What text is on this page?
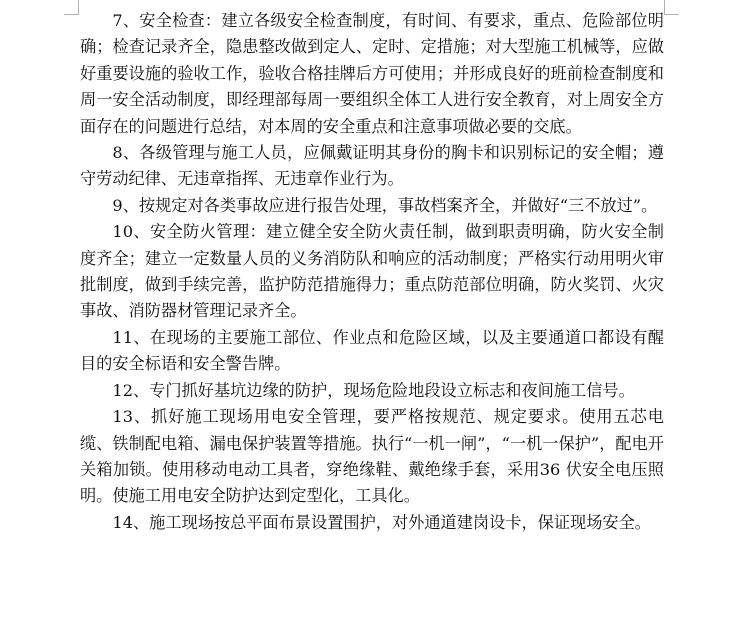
7、安全检查：建立各级安全检查制度，有时间、有要求，重点、危险部位明确；检查记录齐全，隐患整改做到定人、定时、定措施；对大型施工机械等，应做好重要设施的验收工作，验收合格挂牌后方可使用；并形成良好的班前检查制度和周一安全活动制度，即经理部每周一要组织全体工人进行安全教育，对上周安全方面存在的问题进行总结，对本周的安全重点和注意事项做必要的交底。

8、各级管理与施工人员，应佩戴证明其身份的胸卡和识别标记的安全帽；遵守劳动纪律、无违章指挥、无违章作业行为。

9、按规定对各类事故应进行报告处理，事故档案齐全，并做好“三不放过”。

10、安全防火管理：建立健全安全防火责任制，做到职责明确，防火安全制度齐全；建立一定数量人员的义务消防队和响应的活动制度；严格实行动用明火审批制度，做到手续完善，监护防范措施得力；重点防范部位明确，防火奖罚、火灾事故、消防器材管理记录齐全。

11、在现场的主要施工部位、作业点和危险区域，以及主要通道口都设有醒目的安全标语和安全警告牌。

12、专门抓好基坑边缘的防护，现场危险地段设立标志和夜间施工信号。

13、抓好施工现场用电安全管理，要严格按规范、规定要求。使用五芯电缆、铁制配电箱、漏电保护装置等措施。执行“一机一闸”，“一机一保护”，配电开关箱加锁。使用移动电动工具者，穿绝缘鞋、戴绝缘手套，采用36 伏安全电压照明。使施工用电安全防护达到定型化，工具化。

14、施工现场按总平面布景设置围护，对外通道建岗设卡，保证现场安全。
